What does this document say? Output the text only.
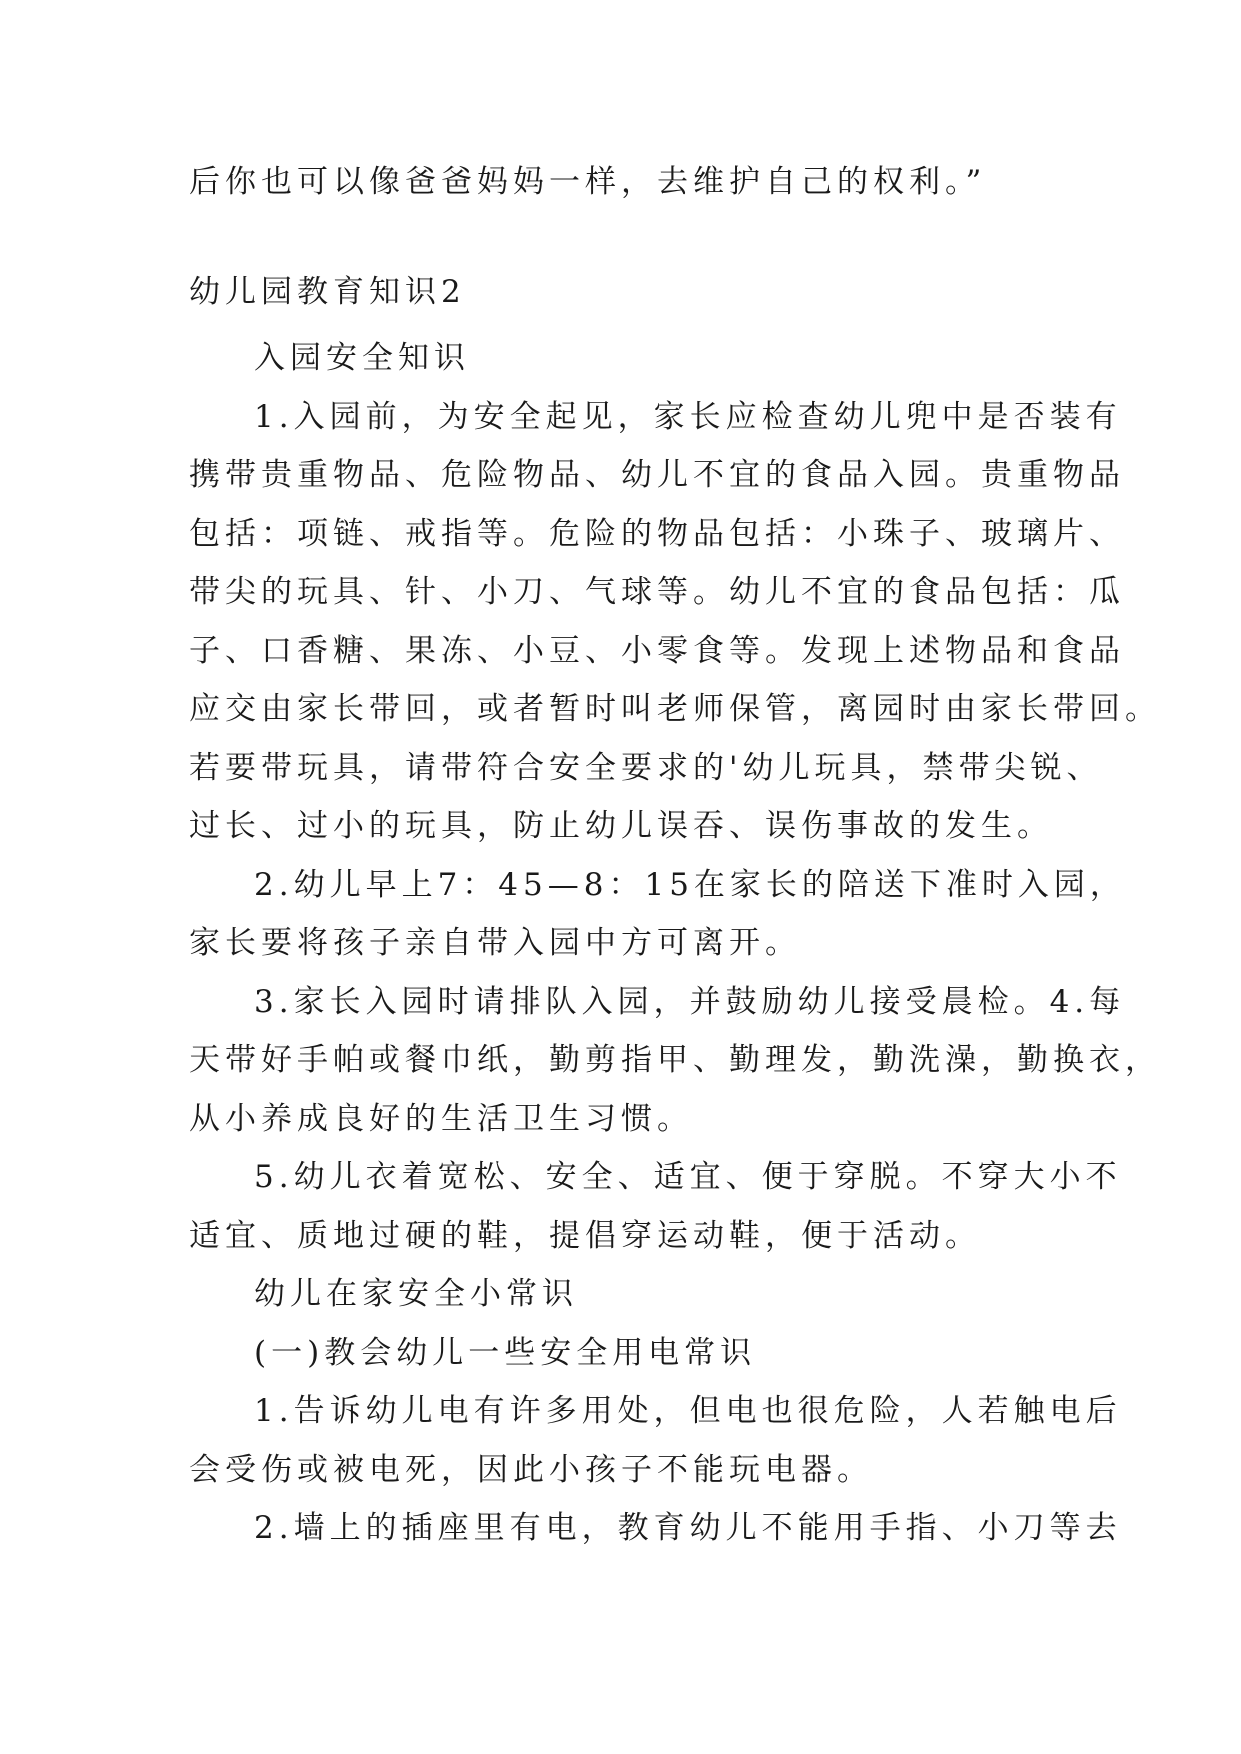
后你也可以像爸爸妈妈一样，去维护自己的权利。”
幼儿园教育知识2
入园安全知识
1.入园前，为安全起见，家长应检查幼儿兜中是否装有
携带贵重物品、危险物品、幼儿不宜的食品入园。贵重物品
包括：项链、戒指等。危险的物品包括：小珠子、玻璃片、
带尖的玩具、针、小刀、气球等。幼儿不宜的食品包括：瓜
子、口香糖、果冻、小豆、小零食等。发现上述物品和食品
应交由家长带回，或者暂时叫老师保管，离园时由家长带回。
若要带玩具，请带符合安全要求的'幼儿玩具，禁带尖锐、
过长、过小的玩具，防止幼儿误吞、误伤事故的发生。
2.幼儿早上7：45—8：15在家长的陪送下准时入园，
家长要将孩子亲自带入园中方可离开。
3.家长入园时请排队入园，并鼓励幼儿接受晨检。4.每
天带好手帕或餐巾纸，勤剪指甲、勤理发，勤洗澡，勤换衣，
从小养成良好的生活卫生习惯。
5.幼儿衣着宽松、安全、适宜、便于穿脱。不穿大小不
适宜、质地过硬的鞋，提倡穿运动鞋，便于活动。
幼儿在家安全小常识
(一)教会幼儿一些安全用电常识
1.告诉幼儿电有许多用处，但电也很危险，人若触电后
会受伤或被电死，因此小孩子不能玩电器。
2.墙上的插座里有电，教育幼儿不能用手指、小刀等去
